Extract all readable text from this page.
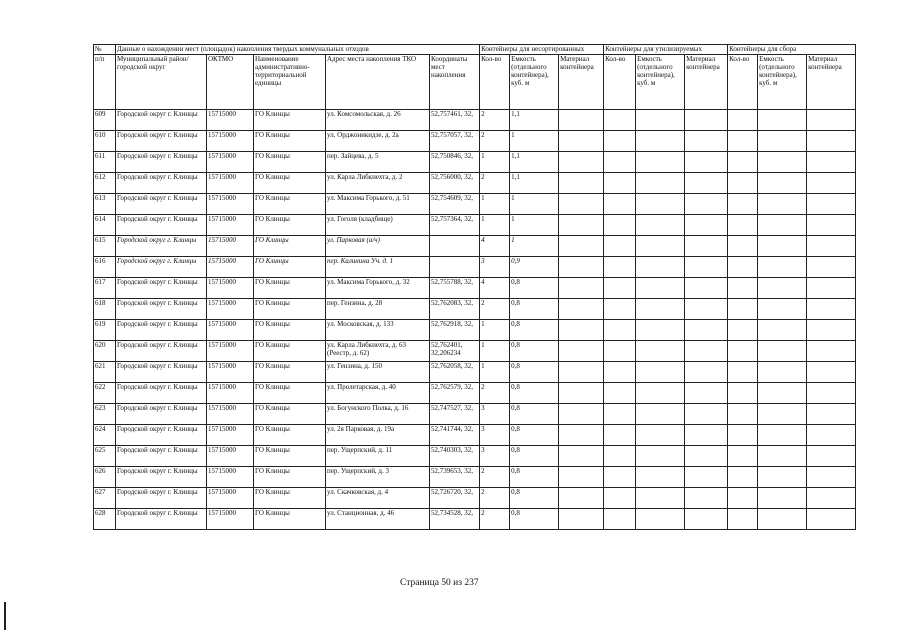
№	Данные о нахождении мест (площадок) накопления твердых коммунальных отходов					Контейнеры для несортированных			Контейнеры для утилизируемых			Контейнеры для сбора		
п/п	Муниципальный район/городской округ	ОКТМО	Наименование административно-территориальной единицы	Адрес места накопления ТКО	Координаты мест накопления	Кол-во	Емкость (отдельного контейнера), куб. м	Материал контейнера	Кол-во	Емкость (отдельного контейнера), куб. м	Материал контейнера	Кол-во	Емкость (отдельного контейнера), куб. м	Материал контейнера
609	Городской округ г. Клинцы	15715000	ГО Клинцы	ул. Комсомольская, д. 26	52,757461, 32,	2	1,1							
610	Городской округ г. Клинцы	15715000	ГО Клинцы	ул. Орджоникидзе, д. 2а	52,757057, 32,	2	1							
611	Городской округ г. Клинцы	15715000	ГО Клинцы	пер. Зайцева, д. 5	52,750846, 32,	1	1,1							
612	Городской округ г. Клинцы	15715000	ГО Клинцы	ул. Карла Либкнехта, д. 2	52,756000, 32,	2	1,1							
613	Городской округ г. Клинцы	15715000	ГО Клинцы	ул. Максима Горького, д. 51	52,754609, 32,	1	1							
614	Городской округ г. Клинцы	15715000	ГО Клинцы	ул. Гоголя (кладбище)	52,757364, 32,	1	1							
615	Городской округ г. Клинцы	15715000	ГО Клинцы	ул. Парковая (а/ч)		4	1							
616	Городской округ г. Клинцы	15715000	ГО Клинцы	пер. Калинина Уч. д. 1		3	0,9							
617	Городской округ г. Клинцы	15715000	ГО Клинцы	ул. Максима Горького, д. 32	52,755788, 32,	4	0,8							
618	Городской округ г. Клинцы	15715000	ГО Клинцы	пер. Гензина, д. 28	52,762083, 32,	2	0,8							
619	Городской округ г. Клинцы	15715000	ГО Клинцы	ул. Московская, д. 133	52,762918, 32,	1	0,8							
620	Городской округ г. Клинцы	15715000	ГО Клинцы	ул. Карла Либкнехта, д. 63 (Реестр, д. 62)	52,762401, 32,206234	1	0,8							
621	Городской округ г. Клинцы	15715000	ГО Клинцы	ул. Гензина, д. 150	52,762058, 32,	1	0,8							
622	Городской округ г. Клинцы	15715000	ГО Клинцы	ул. Пролетарская, д. 40	52,762579, 32,	2	0,8							
623	Городской округ г. Клинцы	15715000	ГО Клинцы	ул. Богунского Полка, д. 16	52,747527, 32,	3	0,8							
624	Городской округ г. Клинцы	15715000	ГО Клинцы	ул. 2я Парковая, д. 19а	52,741744, 32,	3	0,8							
625	Городской округ г. Клинцы	15715000	ГО Клинцы	пер. Ущерпский, д. 11	52,740303, 32,	3	0,8							
626	Городской округ г. Клинцы	15715000	ГО Клинцы	пер. Ущерпский, д. 3	52,739653, 32,	2	0,8							
627	Городской округ г. Клинцы	15715000	ГО Клинцы	ул. Скачковская, д. 4	52,726720, 32,	2	0,8							
628	Городской округ г. Клинцы	15715000	ГО Клинцы	ул. Станционная, д. 46	52,734528, 32,	2	0,8							
Страница 50 из 237
